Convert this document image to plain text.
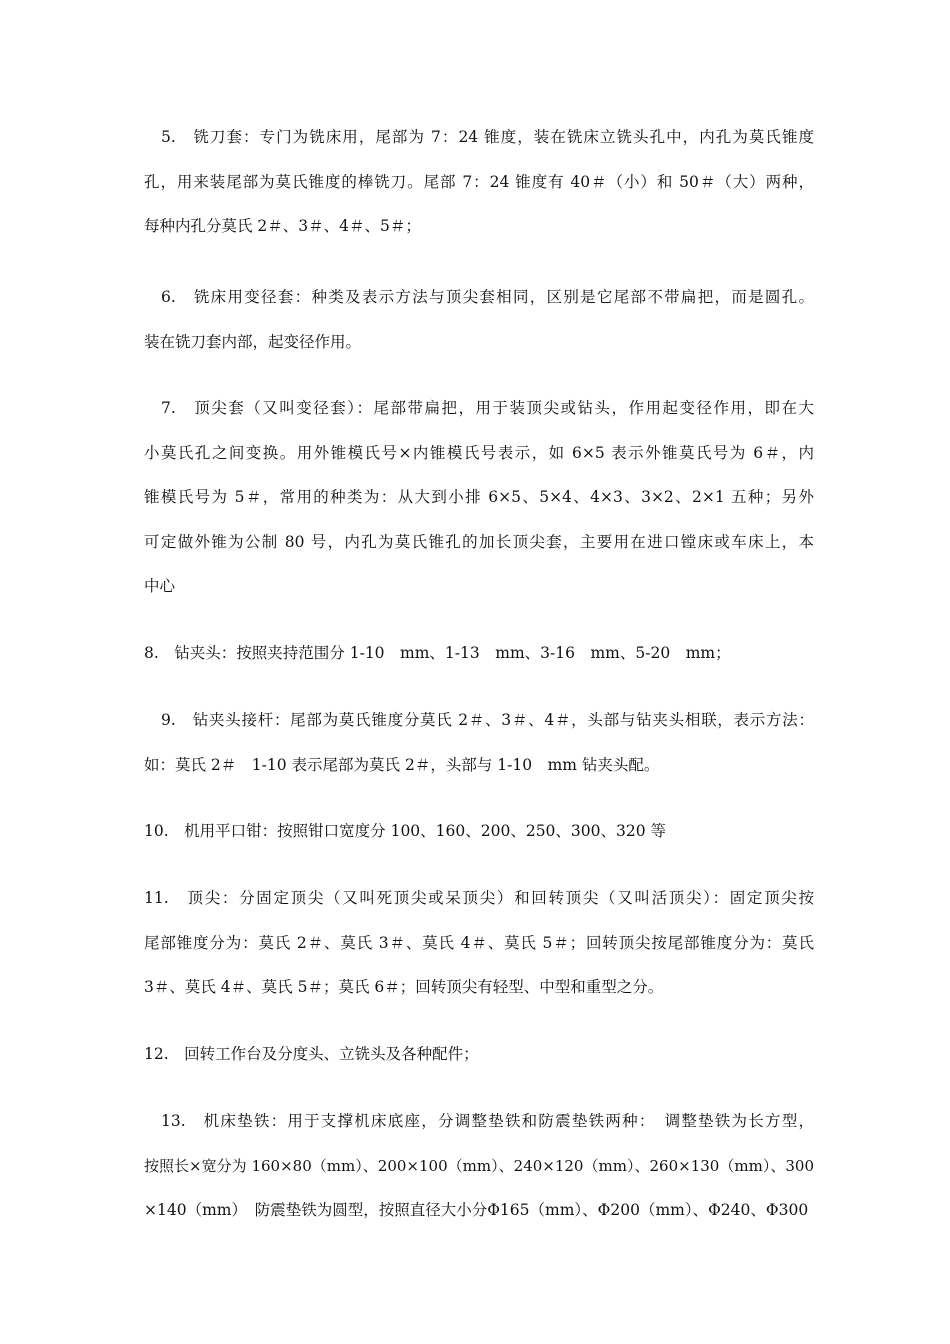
5.　铣刀套：专门为铣床用，尾部为 7：24 锥度，装在铣床立铣头孔中，内孔为莫氏锥度
孔，用来装尾部为莫氏锥度的棒铣刀。尾部 7：24 锥度有 40＃（小）和 50＃（大）两种，
每种内孔分莫氏 2＃、3＃、4＃、5＃；
6.　铣床用变径套：种类及表示方法与顶尖套相同，区别是它尾部不带扁把，而是圆孔。
装在铣刀套内部，起变径作用。
7.　顶尖套（又叫变径套）：尾部带扁把，用于装顶尖或钻头，作用起变径作用，即在大
小莫氏孔之间变换。用外锥模氏号×内锥模氏号表示，如 6×5 表示外锥莫氏号为 6＃，内
锥模氏号为 5＃，常用的种类为：从大到小排 6×5、5×4、4×3、3×2、2×1 五种；另外
可定做外锥为公制 80 号，内孔为莫氏锥孔的加长顶尖套，主要用在进口镗床或车床上，本
中心
8.　钻夹头：按照夹持范围分 1-10　mm、1-13　mm、3-16　mm、5-20　mm；
9.　钻夹头接杆：尾部为莫氏锥度分莫氏 2＃、3＃、4＃，头部与钻夹头相联，表示方法：
如：莫氏 2＃　1-10 表示尾部为莫氏 2＃，头部与 1-10　mm 钻夹头配。
10.　机用平口钳：按照钳口宽度分 100、160、200、250、300、320 等
11.　顶尖：分固定顶尖（又叫死顶尖或呆顶尖）和回转顶尖（又叫活顶尖）：固定顶尖按
尾部锥度分为：莫氏 2＃、莫氏 3＃、莫氏 4＃、莫氏 5＃；回转顶尖按尾部锥度分为：莫氏
3＃、莫氏 4＃、莫氏 5＃；莫氏 6＃；回转顶尖有轻型、中型和重型之分。
12.　回转工作台及分度头、立铣头及各种配件；
13.　机床垫铁：用于支撑机床底座，分调整垫铁和防震垫铁两种：　调整垫铁为长方型，
按照长×宽分为 160×80（mm）、200×100（mm）、240×120（mm）、260×130（mm）、300
×140（mm）　防震垫铁为圆型，按照直径大小分Φ165（mm）、Φ200（mm）、Φ240、Φ300
